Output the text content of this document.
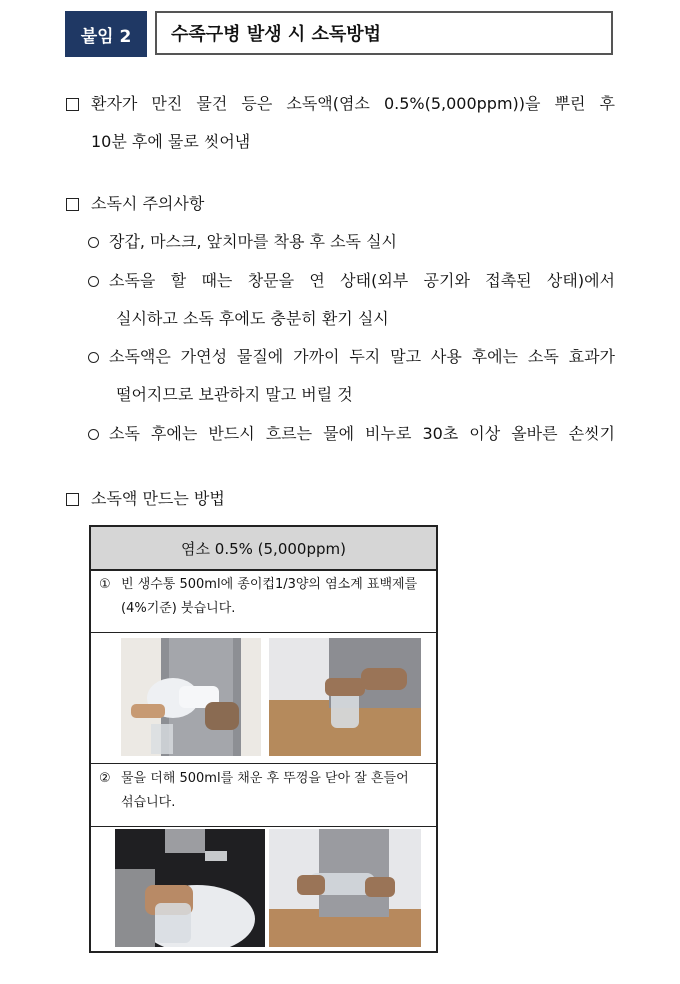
붙임 2	수족구병 발생 시 소독방법
환자가 만진 물건 등은 소독액(염소 0.5%(5,000ppm))을 뿌린 후
10분 후에 물로 씻어냄
소독시 주의사항
장갑, 마스크, 앞치마를 착용 후 소독 실시
소독을 할 때는 창문을 연 상태(외부 공기와 접촉된 상태)에서
실시하고 소독 후에도 충분히 환기 실시
소독액은 가연성 물질에 가까이 두지 말고 사용 후에는 소독 효과가
떨어지므로 보관하지 말고 버릴 것
소독 후에는 반드시 흐르는 물에 비누로 30초 이상 올바른 손씻기
소독액 만드는 방법
염소 0.5% (5,000ppm)
① 빈 생수통 500ml에 종이컵1/3양의 염소계 표백제를
(4%기준) 붓습니다.
② 물을 더해 500ml를 채운 후 뚜껑을 닫아 잘 흔들어
섞습니다.
